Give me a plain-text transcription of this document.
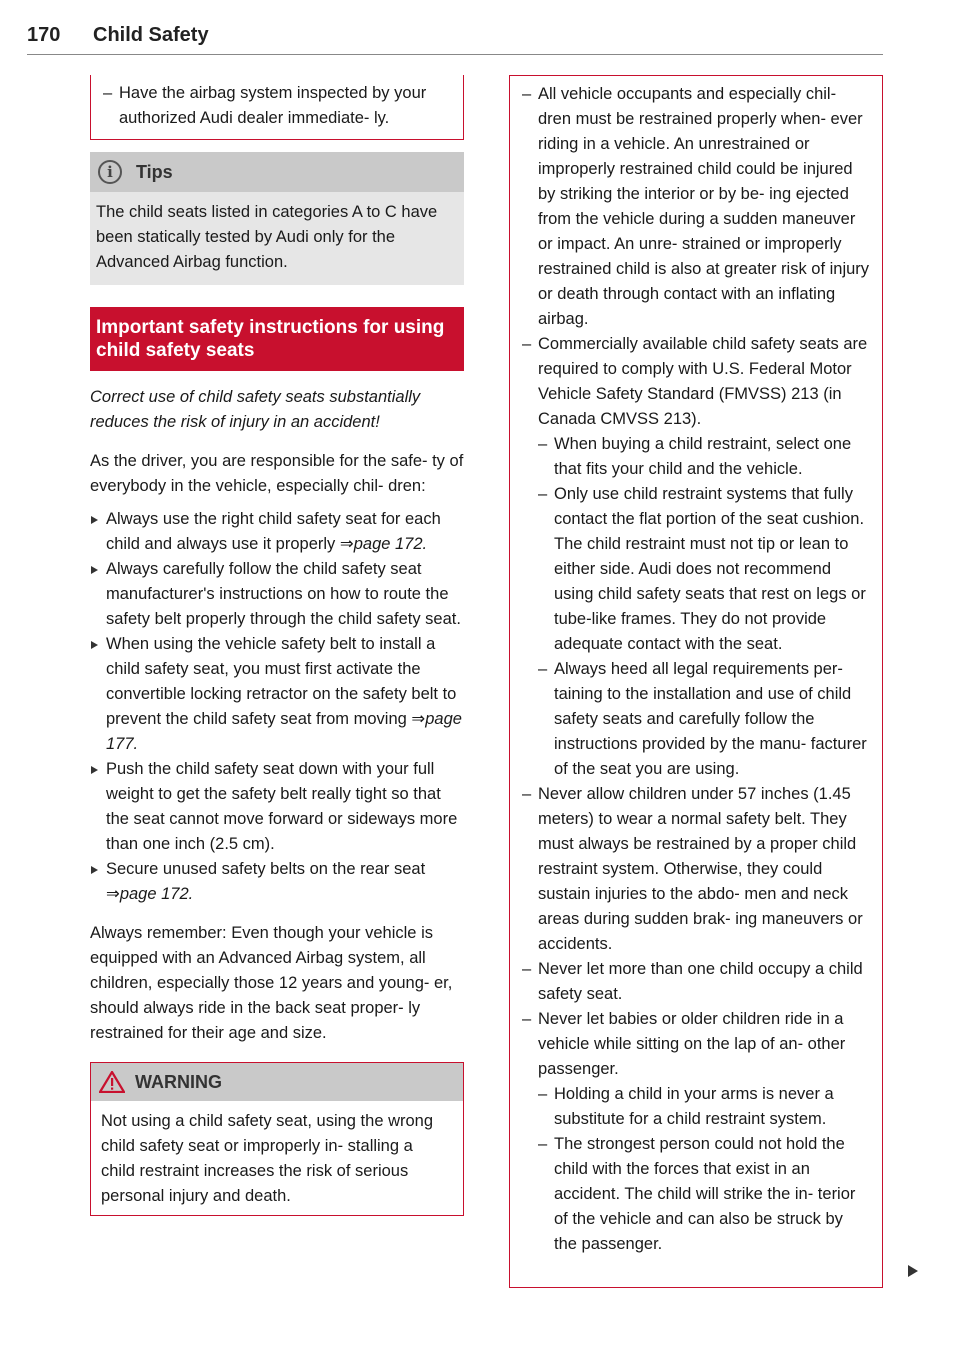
170 Child Safety
– Have the airbag system inspected by your authorized Audi dealer immediate- ly.
i	Tips
The child seats listed in categories A to C have been statically tested by Audi only for the Advanced Airbag function.
Important safety instructions for using child safety seats
Correct use of child safety seats substantially reduces the risk of injury in an accident!
As the driver, you are responsible for the safe- ty of everybody in the vehicle, especially chil- dren:
Always use the right child safety seat for each child and always use it properly ⇒page 172.
Always carefully follow the child safety seat manufacturer's instructions on how to route the safety belt properly through the child safety seat.
When using the vehicle safety belt to install a child safety seat, you must first activate the convertible locking retractor on the safety belt to prevent the child safety seat from moving ⇒page 177.
Push the child safety seat down with your full weight to get the safety belt really tight so that the seat cannot move forward or sideways more than one inch (2.5 cm).
Secure unused safety belts on the rear seat ⇒page 172.
Always remember: Even though your vehicle is equipped with an Advanced Airbag system, all children, especially those 12 years and young- er, should always ride in the back seat proper- ly restrained for their age and size.
WARNING
Not using a child safety seat, using the wrong child safety seat or improperly in- stalling a child restraint increases the risk of serious personal injury and death.
– All vehicle occupants and especially chil- dren must be restrained properly when- ever riding in a vehicle. An unrestrained or improperly restrained child could be injured by striking the interior or by be- ing ejected from the vehicle during a sudden maneuver or impact. An unre- strained or improperly restrained child is also at greater risk of injury or death through contact with an inflating airbag.
– Commercially available child safety seats are required to comply with U.S. Federal Motor Vehicle Safety Standard (FMVSS) 213 (in Canada CMVSS 213).
– When buying a child restraint, select one that fits your child and the vehicle.
– Only use child restraint systems that fully contact the flat portion of the seat cushion. The child restraint must not tip or lean to either side. Audi does not recommend using child safety seats that rest on legs or tube-like frames. They do not provide adequate contact with the seat.
– Always heed all legal requirements per- taining to the installation and use of child safety seats and carefully follow the instructions provided by the manu- facturer of the seat you are using.
– Never allow children under 57 inches (1.45 meters) to wear a normal safety belt. They must always be restrained by a proper child restraint system. Otherwise, they could sustain injuries to the abdo- men and neck areas during sudden brak- ing maneuvers or accidents.
– Never let more than one child occupy a child safety seat.
– Never let babies or older children ride in a vehicle while sitting on the lap of an- other passenger.
– Holding a child in your arms is never a substitute for a child restraint system.
– The strongest person could not hold the child with the forces that exist in an accident. The child will strike the in- terior of the vehicle and can also be struck by the passenger.
